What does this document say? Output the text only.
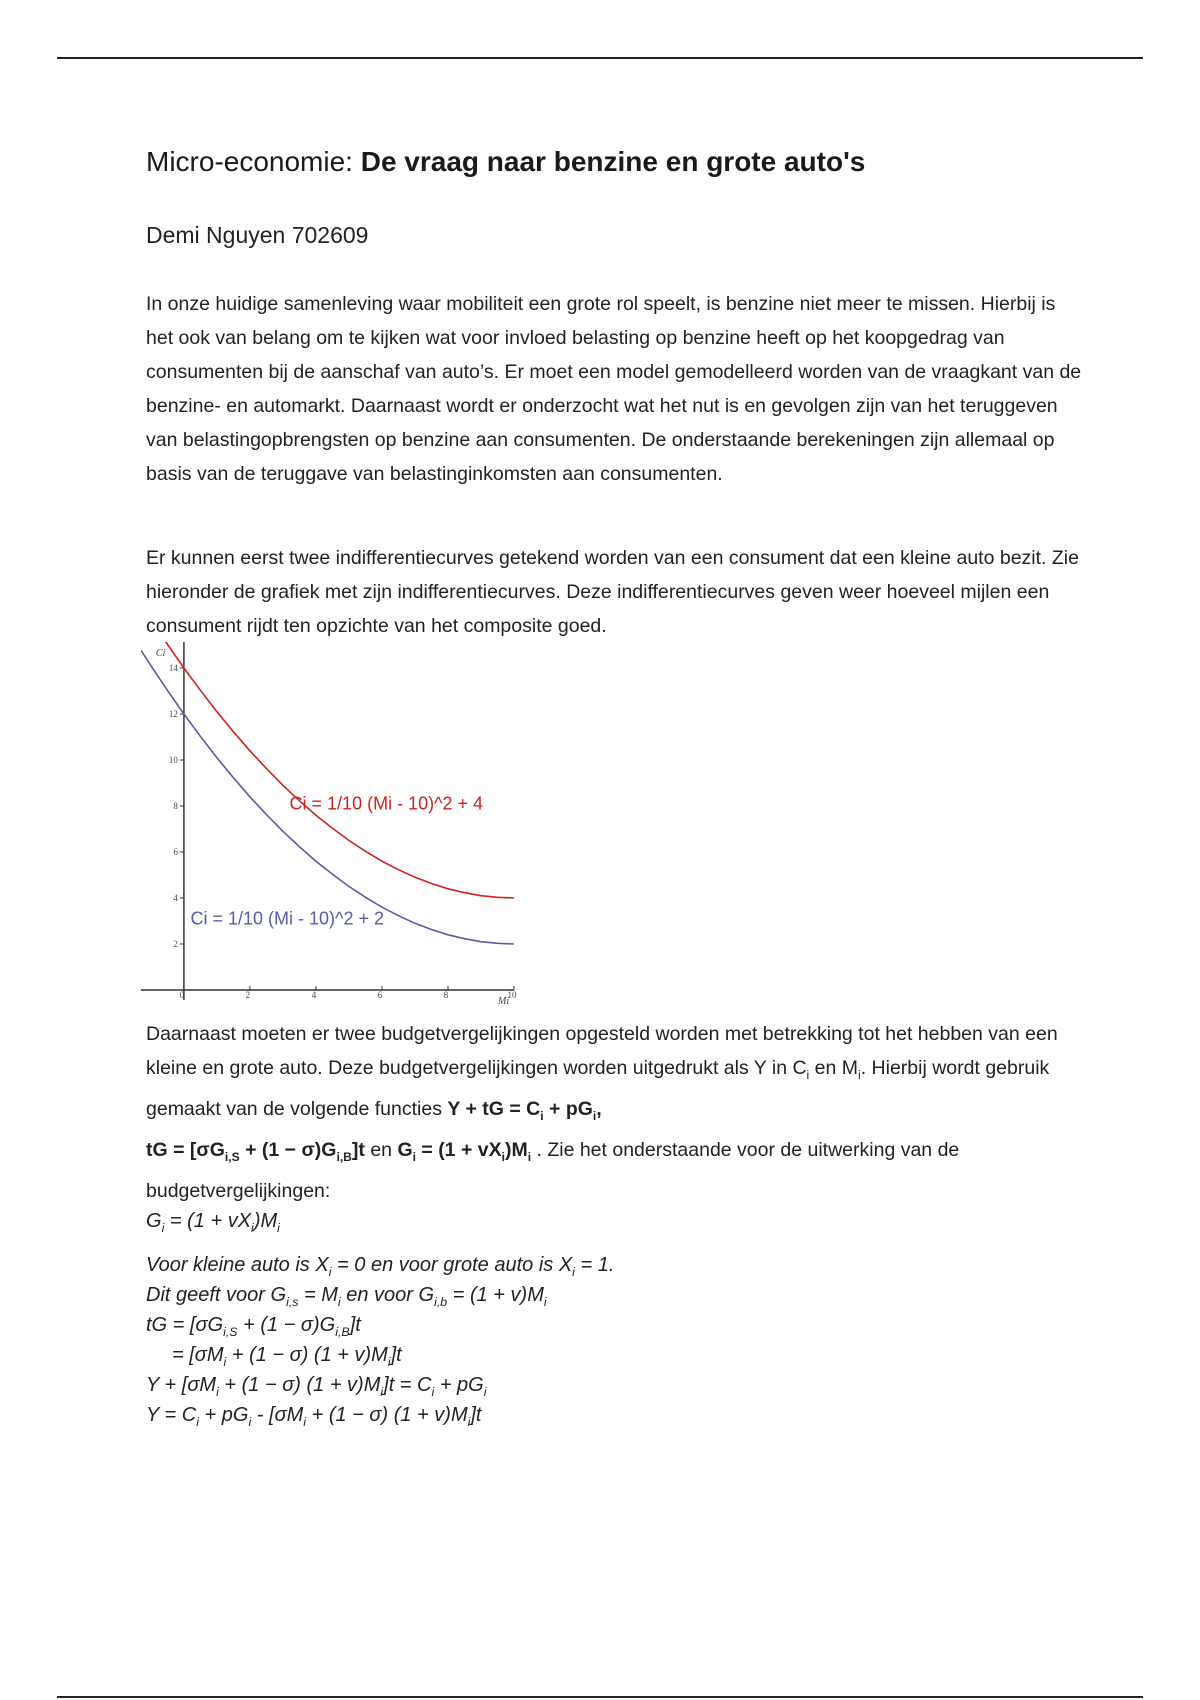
Micro-economie: De vraag naar benzine en grote auto's
Demi Nguyen 702609

In onze huidige samenleving waar mobiliteit een grote rol speelt, is benzine niet meer te missen. Hierbij is het ook van belang om te kijken wat voor invloed belasting op benzine heeft op het koopgedrag van consumenten bij de aanschaf van auto’s. Er moet een model gemodelleerd worden van de vraagkant van de benzine- en automarkt. Daarnaast wordt er onderzocht wat het nut is en gevolgen zijn van het teruggeven van belastingopbrengsten op benzine aan consumenten. De onderstaande berekeningen zijn allemaal op basis van de teruggave van belastinginkomsten aan consumenten.

Er kunnen eerst twee indifferentiecurves getekend worden van een consument dat een kleine auto bezit. Zie hieronder de grafiek met zijn indifferentiecurves. Deze indifferentiecurves geven weer hoeveel mijlen een consument rijdt ten opzichte van het composite goed.

Daarnaast moeten er twee budgetvergelijkingen opgesteld worden met betrekking tot het hebben van een kleine en grote auto. Deze budgetvergelijkingen worden uitgedrukt als Y in $C_i$ en $M_i$. Hierbij wordt gebruik gemaakt van de volgende functies Y + tG = $C_i + pG_i$,
tG = $[\sigma G_{i,S} + (1 - \sigma)G_{i,B}]t$ en $G_i = (1 + vX_i)M_i$ . Zie het onderstaande voor de uitwerking van de budgetvergelijkingen:

2
4
6
8
10
12
14
0	2	4	6	8	10
Ci
Mi
Ci = 1/10 (Mi - 10)^2 + 4
Ci = 1/10 (Mi - 10)^2 + 2
$G_i = (1 + vX_i)M_i$
Voor kleine auto is $X_i = 0$ en voor grote auto is $X_i = 1$.
Dit geeft voor $G_{i,s} = M_i$ en voor $G_{i,b} = (1 + v)M_i$
tG = $[\sigma G_{i,S} + (1 - \sigma)G_{i,B}]t$
= $[\sigma M_i + (1 - \sigma) (1 + v)M_i]t$
$Y + [\sigma M_i + (1 - \sigma) (1 + v)M_i]t = C_i + pG_i$
$Y = C_i + pG_i - [\sigma M_i + (1 - \sigma) (1 + v)M_i]t$
